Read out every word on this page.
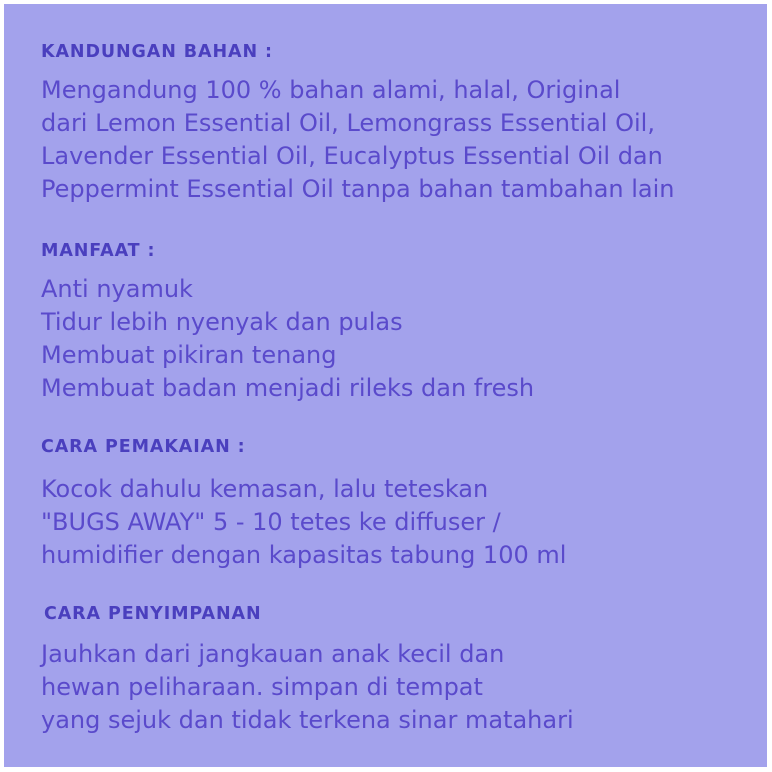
KANDUNGAN BAHAN :
Mengandung 100 % bahan alami, halal, Original
dari Lemon Essential Oil, Lemongrass Essential Oil,
Lavender Essential Oil, Eucalyptus Essential Oil dan
Peppermint Essential Oil tanpa bahan tambahan lain
MANFAAT :
Anti nyamuk
Tidur lebih nyenyak dan pulas
Membuat pikiran tenang
Membuat badan menjadi rileks dan fresh
CARA PEMAKAIAN :
Kocok dahulu kemasan, lalu teteskan
"BUGS AWAY" 5 - 10 tetes ke diffuser /
humidifier dengan kapasitas tabung 100 ml
CARA PENYIMPANAN
Jauhkan dari jangkauan anak kecil dan
hewan peliharaan. simpan di tempat
yang sejuk dan tidak terkena sinar matahari
